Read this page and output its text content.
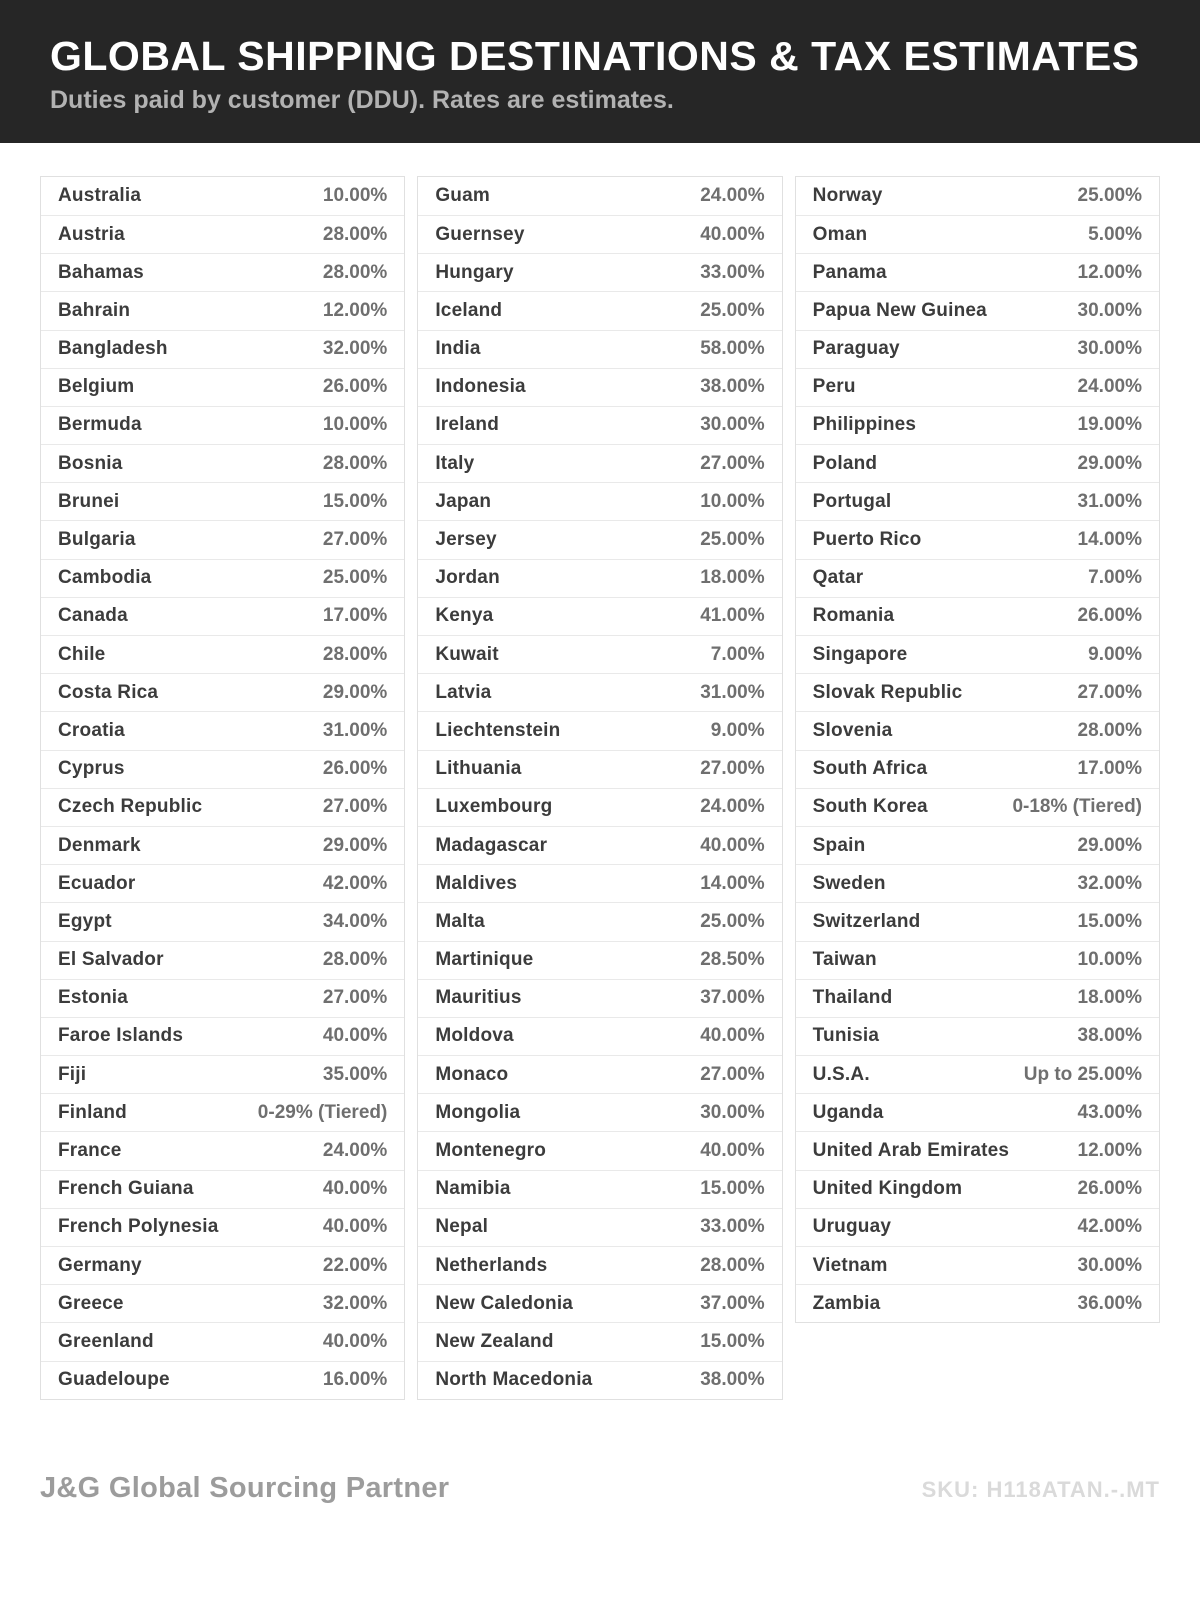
GLOBAL SHIPPING DESTINATIONS & TAX ESTIMATES

Duties paid by customer (DDU). Rates are estimates.

Australia	10.00%
Austria	28.00%
Bahamas	28.00%
Bahrain	12.00%
Bangladesh	32.00%
Belgium	26.00%
Bermuda	10.00%
Bosnia	28.00%
Brunei	15.00%
Bulgaria	27.00%
Cambodia	25.00%
Canada	17.00%
Chile	28.00%
Costa Rica	29.00%
Croatia	31.00%
Cyprus	26.00%
Czech Republic	27.00%
Denmark	29.00%
Ecuador	42.00%
Egypt	34.00%
El Salvador	28.00%
Estonia	27.00%
Faroe Islands	40.00%
Fiji	35.00%
Finland	0-29% (Tiered)
France	24.00%
French Guiana	40.00%
French Polynesia	40.00%
Germany	22.00%
Greece	32.00%
Greenland	40.00%
Guadeloupe	16.00%
Guam	24.00%
Guernsey	40.00%
Hungary	33.00%
Iceland	25.00%
India	58.00%
Indonesia	38.00%
Ireland	30.00%
Italy	27.00%
Japan	10.00%
Jersey	25.00%
Jordan	18.00%
Kenya	41.00%
Kuwait	7.00%
Latvia	31.00%
Liechtenstein	9.00%
Lithuania	27.00%
Luxembourg	24.00%
Madagascar	40.00%
Maldives	14.00%
Malta	25.00%
Martinique	28.50%
Mauritius	37.00%
Moldova	40.00%
Monaco	27.00%
Mongolia	30.00%
Montenegro	40.00%
Namibia	15.00%
Nepal	33.00%
Netherlands	28.00%
New Caledonia	37.00%
New Zealand	15.00%
North Macedonia	38.00%
Norway	25.00%
Oman	5.00%
Panama	12.00%
Papua New Guinea	30.00%
Paraguay	30.00%
Peru	24.00%
Philippines	19.00%
Poland	29.00%
Portugal	31.00%
Puerto Rico	14.00%
Qatar	7.00%
Romania	26.00%
Singapore	9.00%
Slovak Republic	27.00%
Slovenia	28.00%
South Africa	17.00%
South Korea	0-18% (Tiered)
Spain	29.00%
Sweden	32.00%
Switzerland	15.00%
Taiwan	10.00%
Thailand	18.00%
Tunisia	38.00%
U.S.A.	Up to 25.00%
Uganda	43.00%
United Arab Emirates	12.00%
United Kingdom	26.00%
Uruguay	42.00%
Vietnam	30.00%
Zambia	36.00%
J&G Global Sourcing Partner	SKU: H118ATAN.-.MT
